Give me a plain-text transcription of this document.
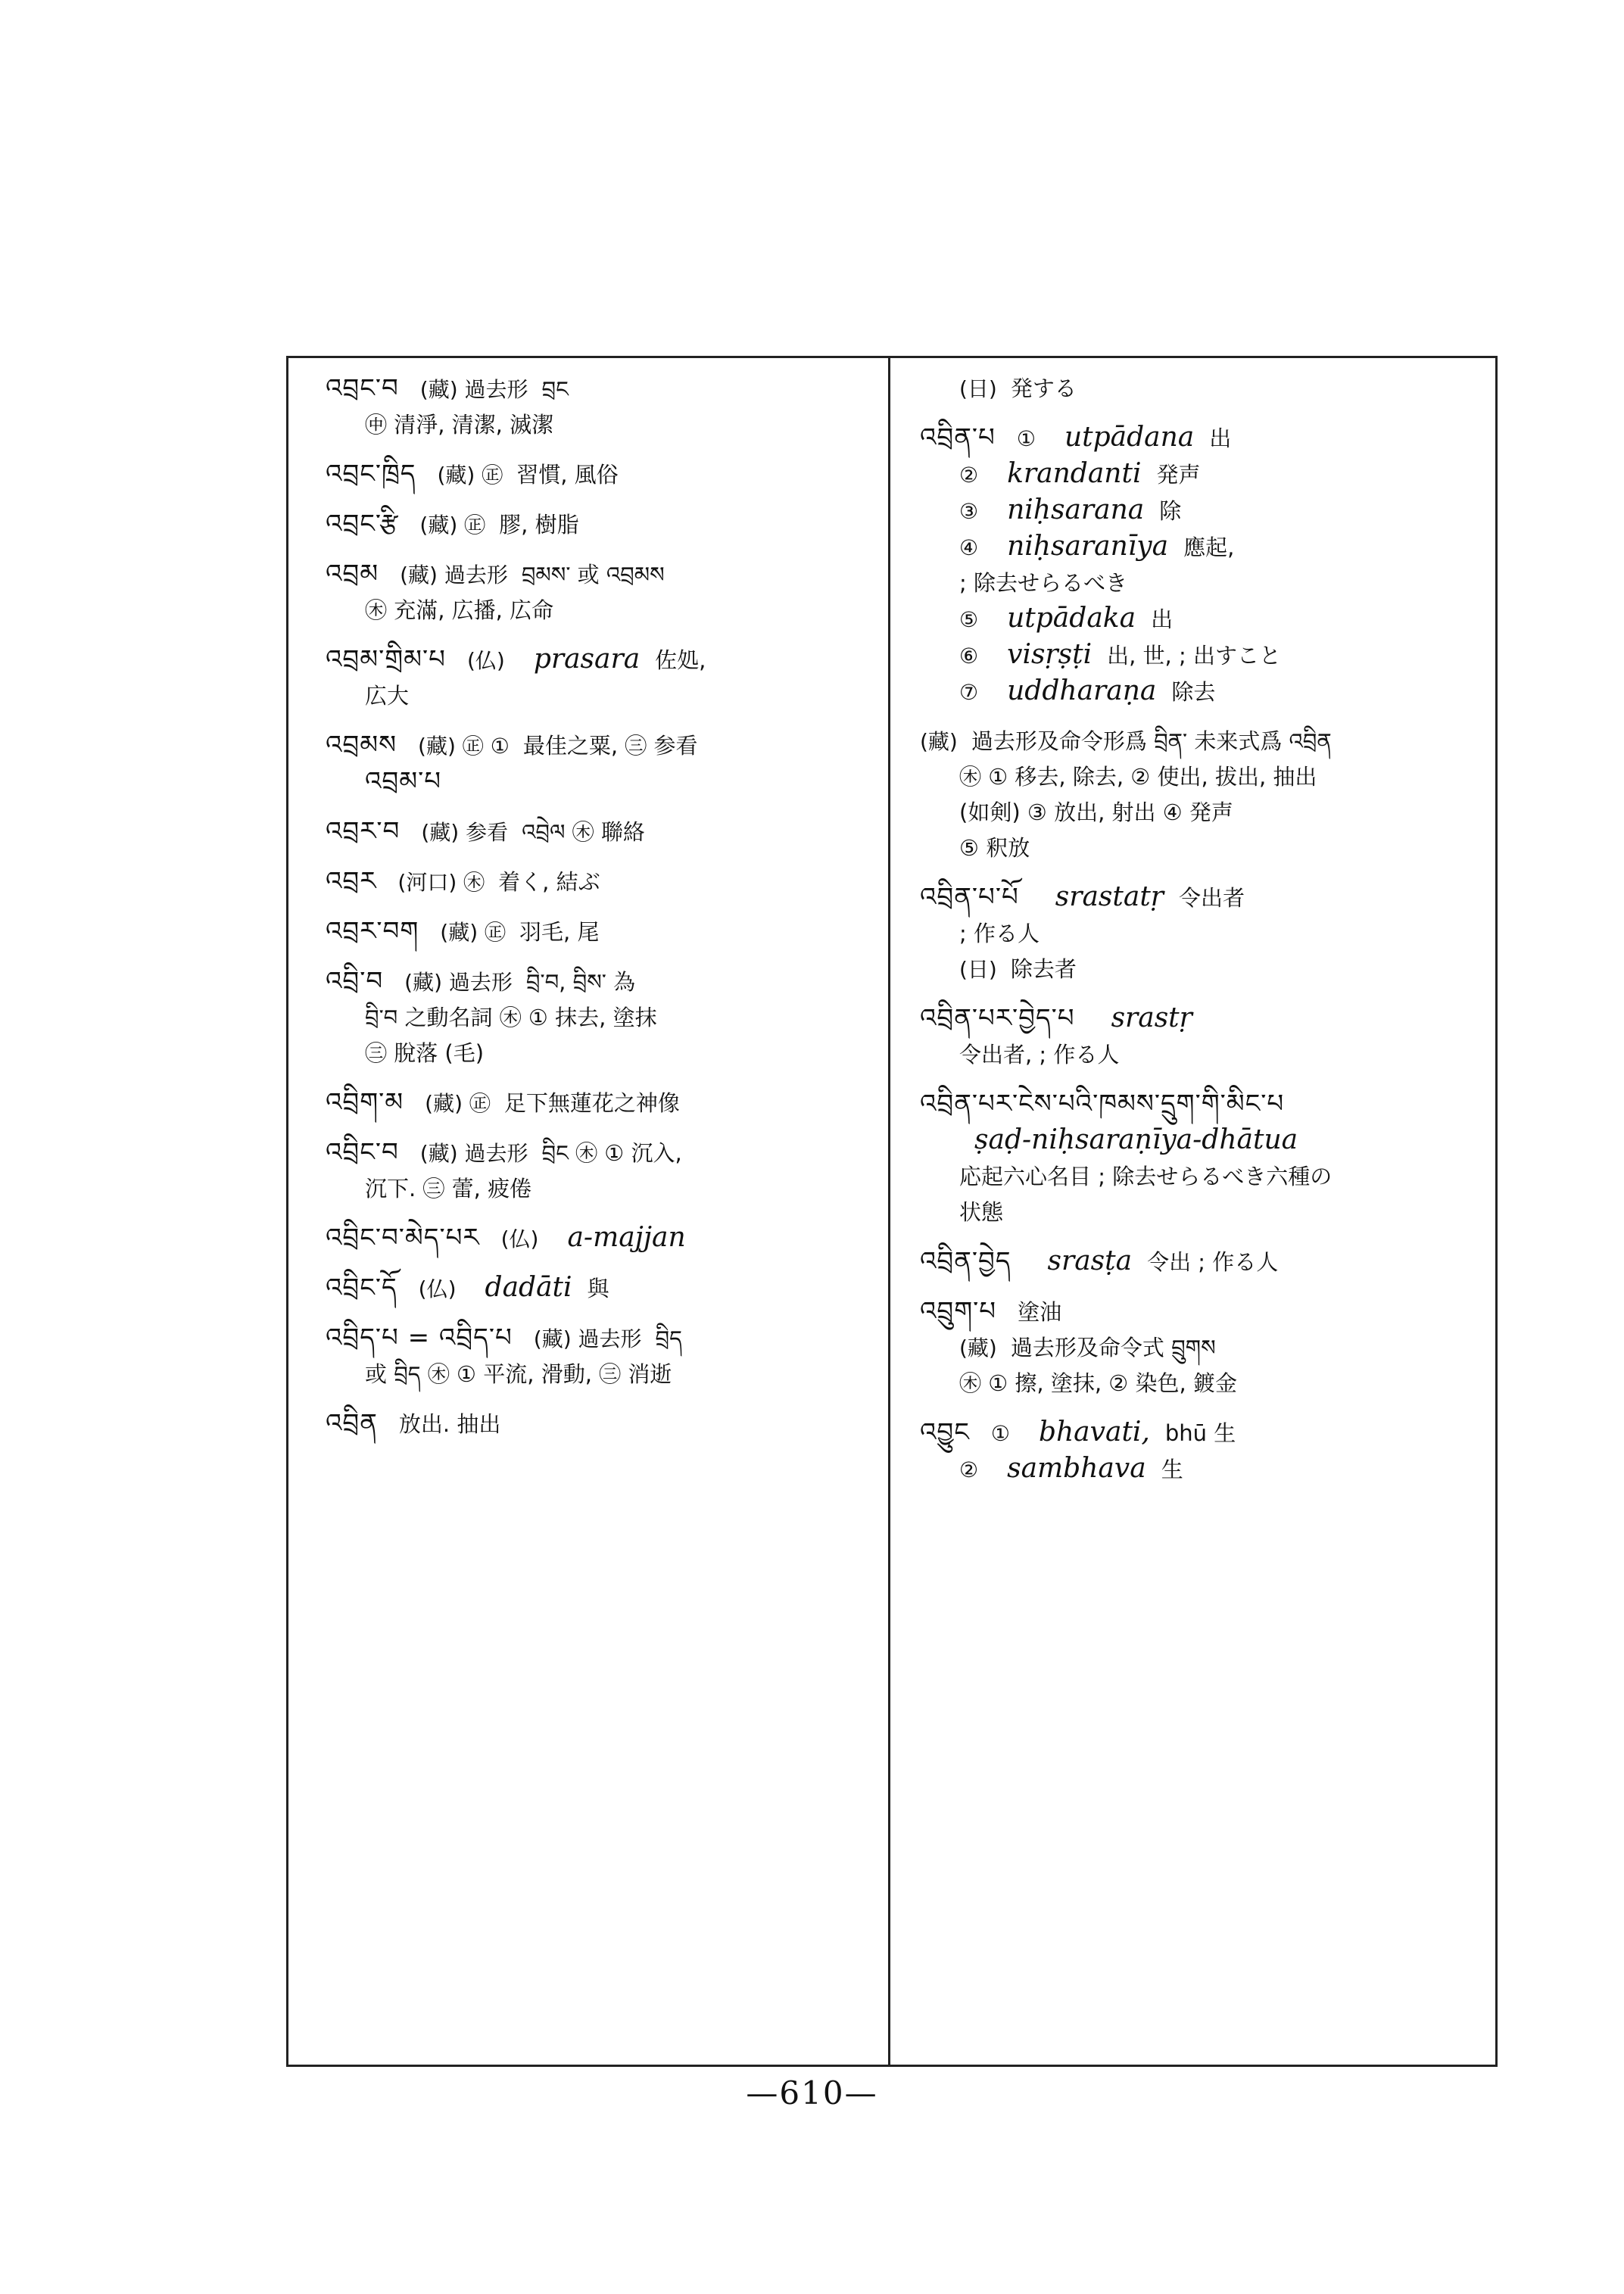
འབྲང་བ (藏) 過去形 བྲང
㊥ 清淨, 清潔, 滅潔
འབྲང་ཁྲིད (藏) ㊣ 習慣, 風俗
འབྲང་རྩི (藏) ㊣ 膠, 樹脂
འབྲམ (藏) 過去形 བྲམས་ 或 འབྲམས
㊍ 充滿, 広播, 広命
འབྲམ་གྲིམ་པ (仏) prasara 佐処,
広大
འབྲམས (藏) ㊣ ① 最佳之粟, ㊂ 参看
འབྲམ་པ
འབྲར་བ (藏) 参看 འབྲེལ ㊍ 聯絡
འབྲར (河口) ㊍ 着く, 結ぶ
འབྲར་བག (藏) ㊣ 羽毛, 尾
འབྲི་བ (藏) 過去形 བྲི་བ, བྲིས་ 為
བྲི་བ 之動名詞 ㊍ ① 抹去, 塗抹
㊂ 脫落 (毛)
འབྲིག་མ (藏) ㊣ 足下無蓮花之神像
འབྲིང་བ (藏) 過去形 བྲིང ㊍ ① 沉入,
沉下. ㊂ 蕾, 疲倦
འབྲིང་བ་མེད་པར (仏) a-majjan
འབྲིང་དོ (仏) dadāti 與
འབྲིད་པ = འབྲིད་པ (藏) 過去形 བྲིད
或 བྲིད ㊍ ① 平流, 滑動, ㊂ 消逝
འབྲིན 放出. 抽出
(日) 発する
འབྲིན་པ ① utpādana 出
② krandanti 発声
③ niḥsarana 除
④ niḥsaranīya 應起,
; 除去せらるべき
⑤ utpādaka 出
⑥ visṛṣṭi 出, 世, ; 出すこと
⑦ uddharaṇa 除去
(藏) 過去形及命令形爲 བྲིན་ 未来式爲 འབྲིན
㊍ ① 移去, 除去, ② 使出, 拔出, 抽出
(如剣) ③ 放出, 射出 ④ 発声
⑤ 釈放
འབྲིན་པ་པོ srastatṛ 令出者
; 作る人
(日) 除去者
འབྲིན་པར་བྱེད་པ srastṛ
令出者, ; 作る人
འབྲིན་པར་ངེས་པའི་ཁམས་དྲུག་གི་མིང་པ
ṣaḍ-niḥsaraṇīya-dhātua
応起六心名目 ; 除去せらるべき六種の
状態
འབྲིན་བྱེད srasṭa 令出 ; 作る人
འབྲུག་པ 塗油
(藏) 過去形及命令式 བྲུགས
㊍ ① 擦, 塗抹, ② 染色, 鍍金
འབྱུང ① bhavati, bhū 生
② sambhava 生
—610—
